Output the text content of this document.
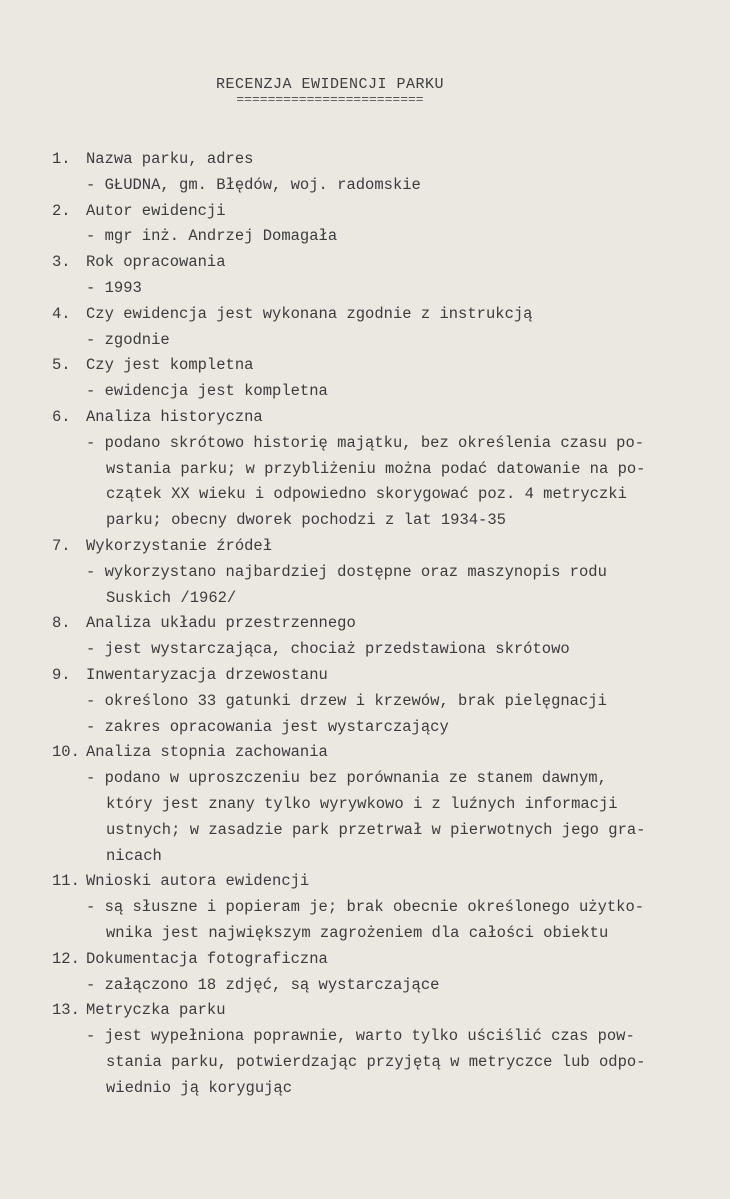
RECENZJA EWIDENCJI PARKU
========================
1. Nazwa parku, adres
- GŁUDNA, gm. Błędów, woj. radomskie
2. Autor ewidencji
- mgr inż. Andrzej Domagała
3. Rok opracowania
- 1993
4. Czy ewidencja jest wykonana zgodnie z instrukcją
- zgodnie
5. Czy jest kompletna
- ewidencja jest kompletna
6. Analiza historyczna
- podano skrótowo historię majątku, bez określenia czasu po-
wstania parku; w przybliżeniu można podać datowanie na po-
czątek XX wieku i odpowiedno skorygować poz. 4 metryczki
parku; obecny dworek pochodzi z lat 1934-35
7. Wykorzystanie źródeł
- wykorzystano najbardziej dostępne oraz maszynopis rodu
Suskich /1962/
8. Analiza układu przestrzennego
- jest wystarczająca, chociaż przedstawiona skrótowo
9. Inwentaryzacja drzewostanu
- określono 33 gatunki drzew i krzewów, brak pielęgnacji
- zakres opracowania jest wystarczający
10. Analiza stopnia zachowania
- podano w uproszczeniu bez porównania ze stanem dawnym,
który jest znany tylko wyrywkowo i z luźnych informacji
ustnych; w zasadzie park przetrwał w pierwotnych jego gra-
nicach
11. Wnioski autora ewidencji
- są słuszne i popieram je; brak obecnie określonego użytko-
wnika jest największym zagrożeniem dla całości obiektu
12. Dokumentacja fotograficzna
- załączono 18 zdjęć, są wystarczające
13. Metryczka parku
- jest wypełniona poprawnie, warto tylko uściślić czas pow-
stania parku, potwierdzając przyjętą w metryczce lub odpo-
wiednio ją korygując
